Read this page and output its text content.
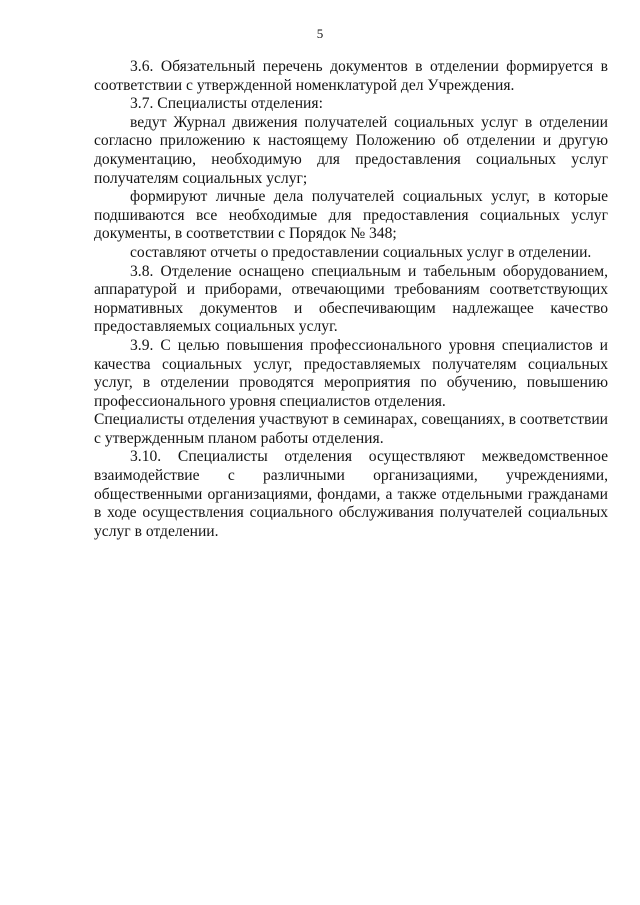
5

3.6. Обязательный перечень документов в отделении формируется в соответствии с утвержденной номенклатурой дел Учреждения.

3.7. Специалисты отделения:

ведут Журнал движения получателей социальных услуг в отделении согласно приложению к настоящему Положению об отделении и другую документацию, необходимую для предоставления социальных услуг получателям социальных услуг;

формируют личные дела получателей социальных услуг, в которые подшиваются все необходимые для предоставления социальных услуг документы, в соответствии с Порядок № 348;

составляют отчеты о предоставлении социальных услуг в отделении.

3.8. Отделение оснащено специальным и табельным оборудованием, аппаратурой и приборами, отвечающими требованиям соответствующих нормативных документов и обеспечивающим надлежащее качество предоставляемых социальных услуг.

3.9. С целью повышения профессионального уровня специалистов и качества социальных услуг, предоставляемых получателям социальных услуг, в отделении проводятся мероприятия по обучению, повышению профессионального уровня специалистов отделения.

Специалисты отделения участвуют в семинарах, совещаниях, в соответствии с утвержденным планом работы отделения.

3.10. Специалисты отделения осуществляют межведомственное взаимодействие с различными организациями, учреждениями, общественными организациями, фондами, а также отдельными гражданами в ходе осуществления социального обслуживания получателей социальных услуг в отделении.
